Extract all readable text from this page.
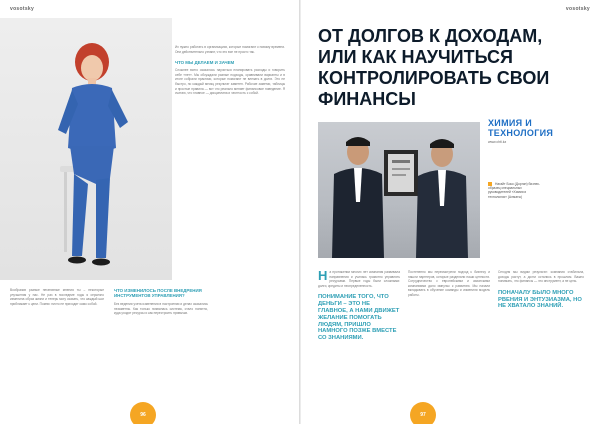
vosotsky	vosotsky

Их нужно работать в организациях, которые помогают к новому времени. Они действительно узнают, что это все не просто так.

ЧТО МЫ ДЕЛАЕМ И ЗАЧЕМ

Сложнее всего оказалось научиться планировать расходы и говорить себе «нет». Мы обсуждали разные подходы, сравнивали варианты и в итоге собрали практики, которые помогают не влезать в долги. Это не быстро, но каждый месяц результат заметен. Рабочие заметки, таблицы и простые правила — вот что реально меняет финансовое поведение. Я считаю, что главное — дисциплина и честность с собой.

Вообразив разные негативные мнения ты – некоторые улучшения у нас. Не раз в последние годы я серьезно изменила образ жизни и теперь могу сказать, что каждый шаг приближает к цели. Помни: ничто не приходит само собой.

ЧТО ИЗМЕНИЛОСЬ ПОСЛЕ ВНЕДРЕНИЯ ИНСТРУМЕНТОВ УПРАВЛЕНИЯ?

Без ведения учета изменения в настроении и делах оказались незаметны. Как только появилась система, стало понятно, куда уходят ресурсы и как перестроить привычки.

96
ОТ ДОЛГОВ К ДОХОДАМ, ИЛИ КАК НАУЧИТЬСЯ КОНТРОЛИРОВАТЬ СВОИ ФИНАНСЫ
ХИМИЯ И
ТЕХНОЛОГИЯ
www.chti.kz
Нагайт Боко (Дорган) бизнес-
образец специальных
руководителей «Химия и
технология» (Алматы)

На протяжении многих лет компания развивала направления и училась грамотно управлять ресурсами. Первые годы были сложными: долги, кредиты и неопределенность.

ПОНИМАНИЕ ТОГО, ЧТО ДЕНЬГИ – ЭТО НЕ ГЛАВНОЕ, А НАМИ ДВИЖЕТ ЖЕЛАНИЕ ПОМОГАТЬ ЛЮДЯМ, ПРИШЛО НАМНОГО ПОЗЖЕ ВМЕСТЕ СО ЗНАНИЯМИ.

Постепенно мы пересмотрели подход к бизнесу и нашли партнеров, которые разделяли наши ценности. Сотрудничество с европейскими и азиатскими компаниями дало импульс к развитию. Мы начали вкладывать в обучение команды и изменили модель работы.

Сегодня мы видим результат: компания стабильна, доходы растут, а долги остались в прошлом. Важно понимать, что финансы — это инструмент, а не цель.

ПОНАЧАЛУ БЫЛО МНОГО РВЕНИЯ И ЭНТУЗИАЗМА, НО НЕ ХВАТАЛО ЗНАНИЙ.

97
